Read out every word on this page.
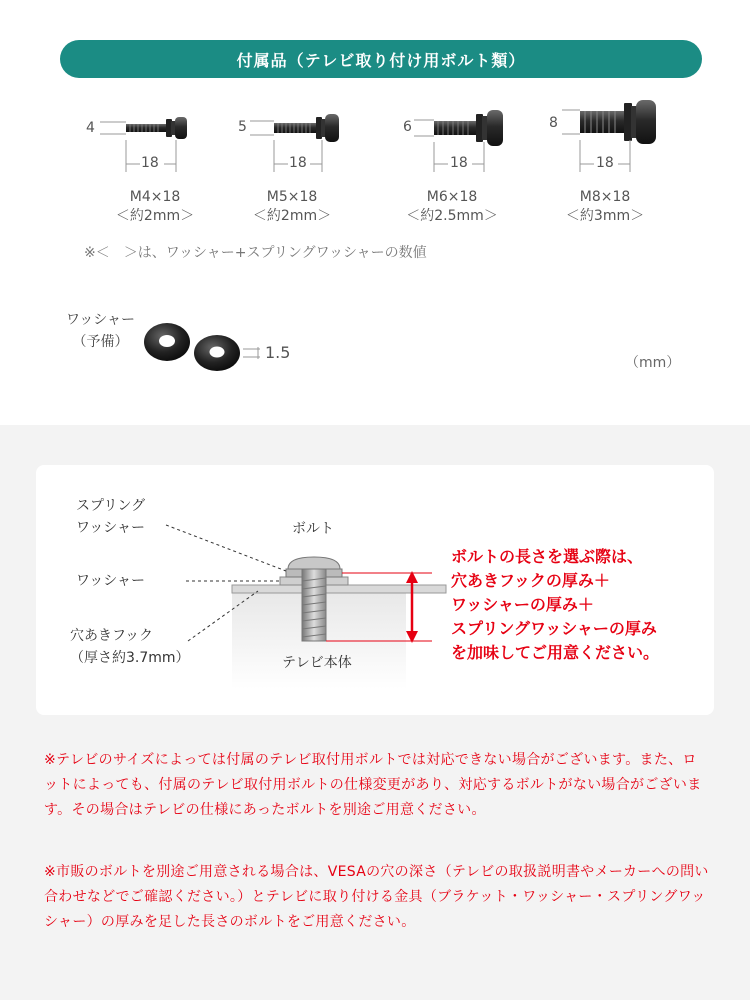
付属品（テレビ取り付け用ボルト類）
4
18
5
18
6
18
8
18
M4×18
＜約2mm＞
M5×18
＜約2mm＞
M6×18
＜約2.5mm＞
M8×18
＜約3mm＞
※＜　＞は、ワッシャー+スプリングワッシャーの数値
ワッシャー
（予備）
1.5
（mm）
スプリング
ワッシャー	ボルト
ワッシャー
穴あきフック
（厚さ約3.7mm）	テレビ本体
ボルトの長さを選ぶ際は、
穴あきフックの厚み＋
ワッシャーの厚み＋
スプリングワッシャーの厚み
を加味してご用意ください。

※テレビのサイズによっては付属のテレビ取付用ボルトでは対応できない場合がございます。また、ロットによっても、付属のテレビ取付用ボルトの仕様変更があり、対応するボルトがない場合がございます。その場合はテレビの仕様にあったボルトを別途ご用意ください。

※市販のボルトを別途ご用意される場合は、VESAの穴の深さ（テレビの取扱説明書やメーカーへの問い合わせなどでご確認ください。）とテレビに取り付ける金具（ブラケット・ワッシャー・スプリングワッシャー）の厚みを足した長さのボルトをご用意ください。
